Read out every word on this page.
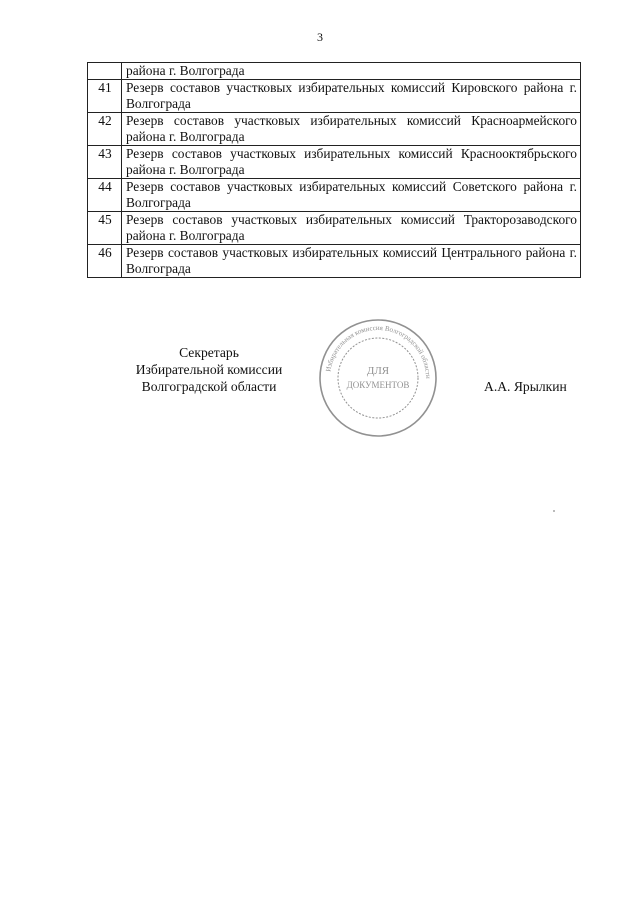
3
	района г. Волгограда
41	Резерв составов участковых избирательных комиссий Кировского района г. Волгограда
42	Резерв составов участковых избирательных комиссий Красноармейского района г. Волгограда
43	Резерв составов участковых избирательных комиссий Краснооктябрьского района г. Волгограда
44	Резерв составов участковых избирательных комиссий Советского района г. Волгограда
45	Резерв составов участковых избирательных комиссий Тракторозаводского района г. Волгограда
46	Резерв составов участковых избирательных комиссий Центрального района г. Волгограда
Секретарь
Избирательной комиссии
Волгоградской области
Избирательная комиссия Волгоградской области
ДЛЯ
ДОКУМЕНТОВ	А.А. Ярылкин
